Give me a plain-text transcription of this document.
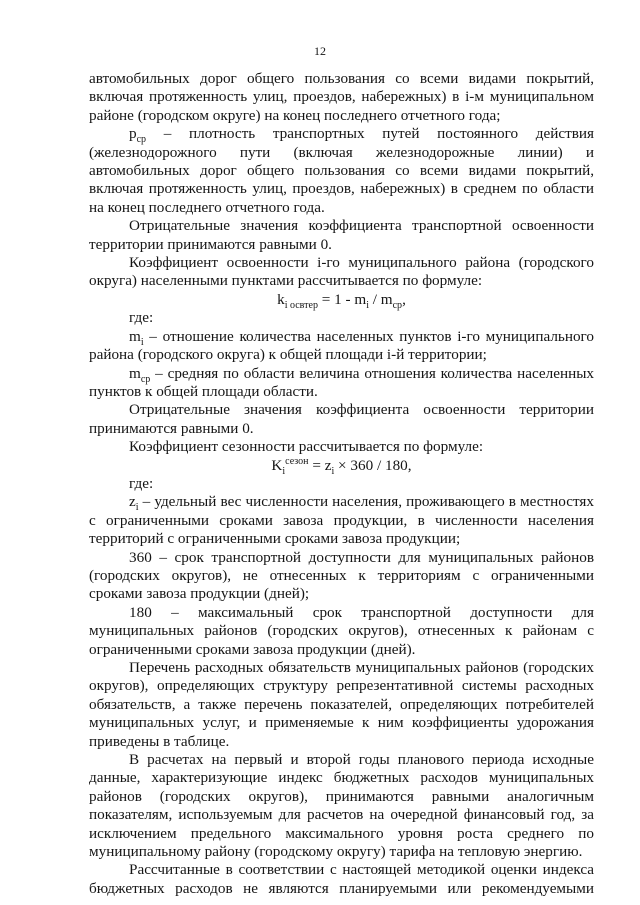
12

автомобильных дорог общего пользования со всеми видами покрытий, включая протяженность улиц, проездов, набережных) в i-м муниципальном районе (городском округе) на конец последнего отчетного года;

$p_{ср}$ – плотность транспортных путей постоянного действия (железнодорожного пути (включая железнодорожные линии) и автомобильных дорог общего пользования со всеми видами покрытий, включая протяженность улиц, проездов, набережных) в среднем по области на конец последнего отчетного года.

Отрицательные значения коэффициента транспортной освоенности территории принимаются равными 0.

Коэффициент освоенности i-го муниципального района (городского округа) населенными пунктами рассчитывается по формуле:

$k_{i освтер} = 1 - m_i / m_{ср}$,

где:

$m_i$ – отношение количества населенных пунктов i-го муниципального района (городского округа) к общей площади i-й территории;

$m_{ср}$ – средняя по области величина отношения количества населенных пунктов к общей площади области.

Отрицательные значения коэффициента освоенности территории принимаются равными 0.

Коэффициент сезонности рассчитывается по формуле:

$K_i^{сезон} = z_i \times 360 / 180$,

где:

$z_i$ – удельный вес численности населения, проживающего в местностях с ограниченными сроками завоза продукции, в численности населения территорий с ограниченными сроками завоза продукции;

360 – срок транспортной доступности для муниципальных районов (городских округов), не отнесенных к территориям с ограниченными сроками завоза продукции (дней);

180 – максимальный срок транспортной доступности для муниципальных районов (городских округов), отнесенных к районам с ограниченными сроками завоза продукции (дней).

Перечень расходных обязательств муниципальных районов (городских округов), определяющих структуру репрезентативной системы расходных обязательств, а также перечень показателей, определяющих потребителей муниципальных услуг, и применяемые к ним коэффициенты удорожания приведены в таблице.

В расчетах на первый и второй годы планового периода исходные данные, характеризующие индекс бюджетных расходов муниципальных районов (городских округов), принимаются равными аналогичным показателям, используемым для расчетов на очередной финансовый год, за исключением предельного максимального уровня роста среднего по муниципальному району (городскому округу) тарифа на тепловую энергию.

Рассчитанные в соответствии с настоящей методикой оценки индекса бюджетных расходов не являются планируемыми или рекомендуемыми
